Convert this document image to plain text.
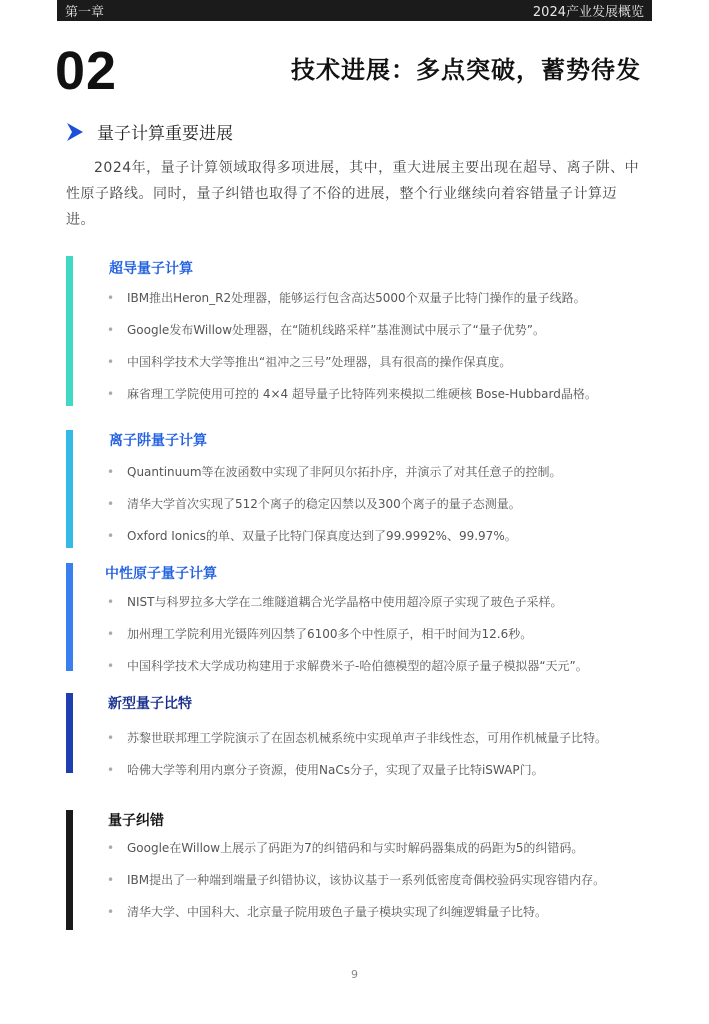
第一章	2024产业发展概览
02	技术进展：多点突破，蓄势待发
量子计算重要进展

2024年，量子计算领域取得多项进展，其中，重大进展主要出现在超导、离子阱、中性原子路线。同时，量子纠错也取得了不俗的进展，整个行业继续向着容错量子计算迈进。

超导量子计算
• IBM推出Heron_R2处理器，能够运行包含高达5000个双量子比特门操作的量子线路。
• Google发布Willow处理器，在“随机线路采样”基准测试中展示了“量子优势”。
• 中国科学技术大学等推出“祖冲之三号”处理器，具有很高的操作保真度。
• 麻省理工学院使用可控的 4×4 超导量子比特阵列来模拟二维硬核 Bose-Hubbard晶格。
离子阱量子计算
• Quantinuum等在波函数中实现了非阿贝尔拓扑序，并演示了对其任意子的控制。
• 清华大学首次实现了512个离子的稳定囚禁以及300个离子的量子态测量。
• Oxford Ionics的单、双量子比特门保真度达到了99.9992%、99.97%。
中性原子量子计算
• NIST与科罗拉多大学在二维隧道耦合光学晶格中使用超冷原子实现了玻色子采样。
• 加州理工学院利用光镊阵列囚禁了6100多个中性原子，相干时间为12.6秒。
• 中国科学技术大学成功构建用于求解费米子-哈伯德模型的超冷原子量子模拟器“天元”。
新型量子比特
• 苏黎世联邦理工学院演示了在固态机械系统中实现单声子非线性态，可用作机械量子比特。
• 哈佛大学等利用内禀分子资源，使用NaCs分子，实现了双量子比特iSWAP门。
量子纠错
• Google在Willow上展示了码距为7的纠错码和与实时解码器集成的码距为5的纠错码。
• IBM提出了一种端到端量子纠错协议，该协议基于一系列低密度奇偶校验码实现容错内存。
• 清华大学、中国科大、北京量子院用玻色子量子模块实现了纠缠逻辑量子比特。
9
